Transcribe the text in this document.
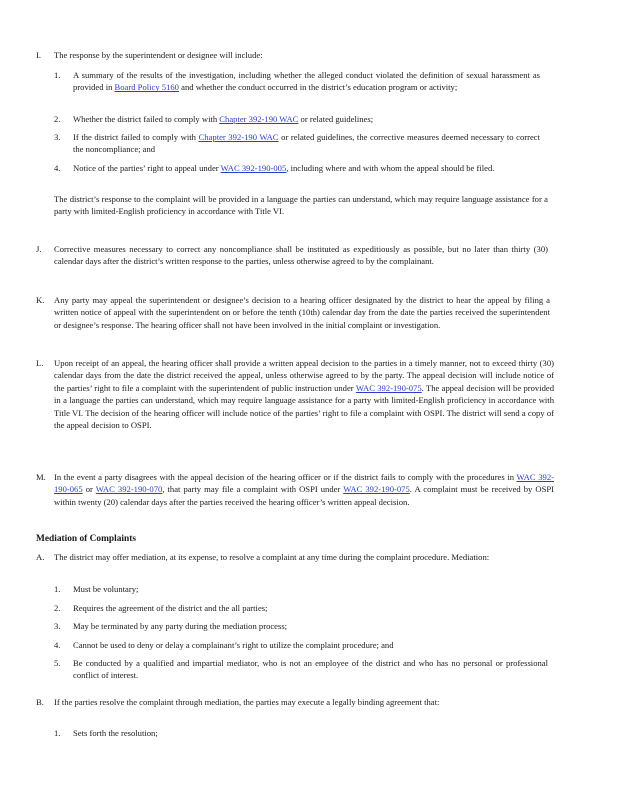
I.	The response by the superintendent or designee will include:
1.	A summary of the results of the investigation, including whether the alleged conduct violated the definition of sexual harassment as provided in Board Policy 5160 and whether the conduct occurred in the district’s education program or activity;
2.	Whether the district failed to comply with Chapter 392-190 WAC or related guidelines;
3.	If the district failed to comply with Chapter 392-190 WAC or related guidelines, the corrective measures deemed necessary to correct the noncompliance; and
4.	Notice of the parties’ right to appeal under WAC 392-190-005, including where and with whom the appeal should be filed.
The district’s response to the complaint will be provided in a language the parties can understand, which may require language assistance for a party with limited-English proficiency in accordance with Title VI.
J.	Corrective measures necessary to correct any noncompliance shall be instituted as expeditiously as possible, but no later than thirty (30) calendar days after the district’s written response to the parties, unless otherwise agreed to by the complainant.
K.	Any party may appeal the superintendent or designee’s decision to a hearing officer designated by the district to hear the appeal by filing a written notice of appeal with the superintendent on or before the tenth (10th) calendar day from the date the parties received the superintendent or designee’s response. The hearing officer shall not have been involved in the initial complaint or investigation.
L.	Upon receipt of an appeal, the hearing officer shall provide a written appeal decision to the parties in a timely manner, not to exceed thirty (30) calendar days from the date the district received the appeal, unless otherwise agreed to by the party. The appeal decision will include notice of the parties’ right to file a complaint with the superintendent of public instruction under WAC 392-190-075. The appeal decision will be provided in a language the parties can understand, which may require language assistance for a party with limited-English proficiency in accordance with Title VI. The decision of the hearing officer will include notice of the parties’ right to file a complaint with OSPI. The district will send a copy of the appeal decision to OSPI.
M. In the event a party disagrees with the appeal decision of the hearing officer or if the district fails to comply with the procedures in WAC 392-190-065 or WAC 392-190-070, that party may file a complaint with OSPI under WAC 392-190-075. A complaint must be received by OSPI within twenty (20) calendar days after the parties received the hearing officer’s written appeal decision.
Mediation of Complaints
A.	The district may offer mediation, at its expense, to resolve a complaint at any time during the complaint procedure. Mediation:
1.	Must be voluntary;
2.	Requires the agreement of the district and the all parties;
3.	May be terminated by any party during the mediation process;
4.	Cannot be used to deny or delay a complainant’s right to utilize the complaint procedure; and
5.	Be conducted by a qualified and impartial mediator, who is not an employee of the district and who has no personal or professional conflict of interest.
B.	If the parties resolve the complaint through mediation, the parties may execute a legally binding agreement that:
1.	Sets forth the resolution;
